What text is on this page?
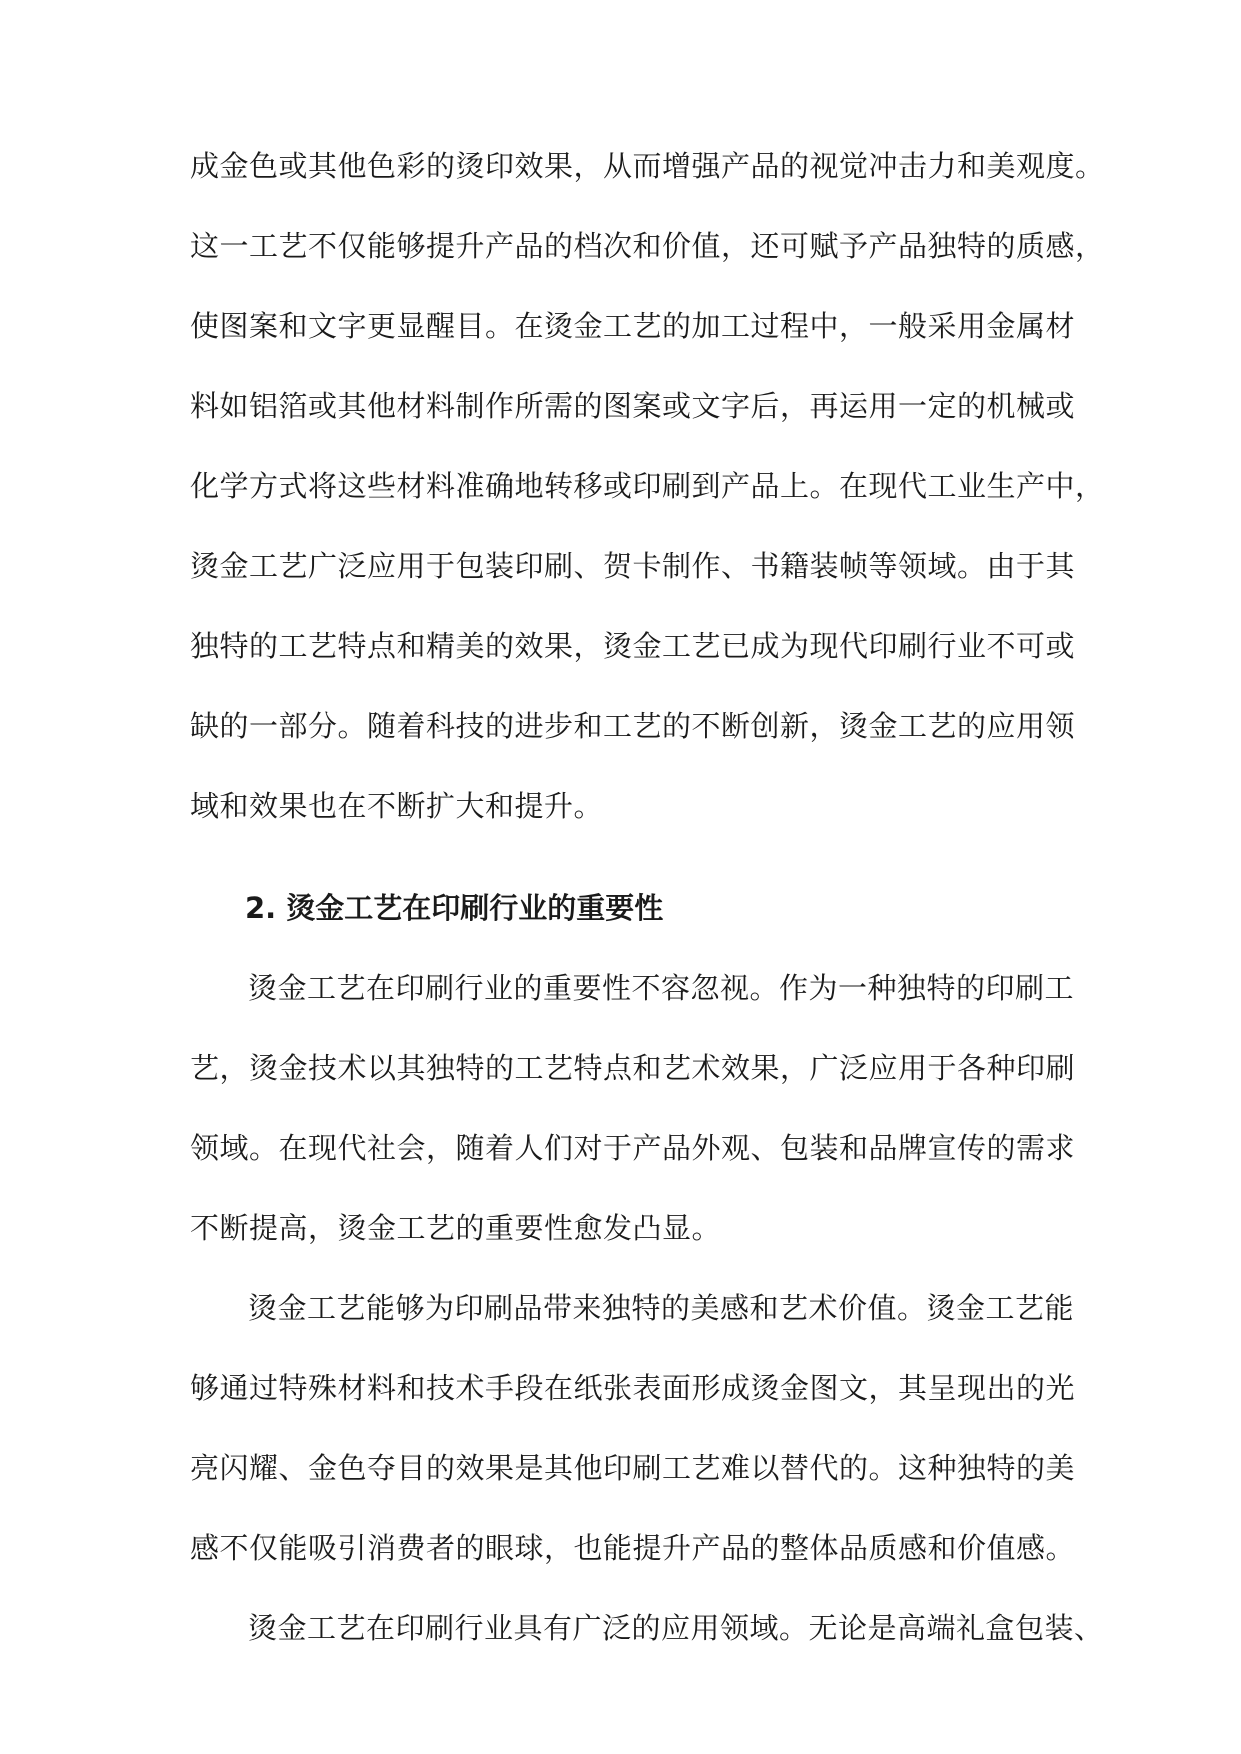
成金色或其他色彩的烫印效果，从而增强产品的视觉冲击力和美观度。
这一工艺不仅能够提升产品的档次和价值，还可赋予产品独特的质感，
使图案和文字更显醒目。在烫金工艺的加工过程中，一般采用金属材
料如铝箔或其他材料制作所需的图案或文字后，再运用一定的机械或
化学方式将这些材料准确地转移或印刷到产品上。在现代工业生产中，
烫金工艺广泛应用于包装印刷、贺卡制作、书籍装帧等领域。由于其
独特的工艺特点和精美的效果，烫金工艺已成为现代印刷行业不可或
缺的一部分。随着科技的进步和工艺的不断创新，烫金工艺的应用领
域和效果也在不断扩大和提升。
2. 烫金工艺在印刷行业的重要性
烫金工艺在印刷行业的重要性不容忽视。作为一种独特的印刷工
艺，烫金技术以其独特的工艺特点和艺术效果，广泛应用于各种印刷
领域。在现代社会，随着人们对于产品外观、包装和品牌宣传的需求
不断提高，烫金工艺的重要性愈发凸显。
烫金工艺能够为印刷品带来独特的美感和艺术价值。烫金工艺能
够通过特殊材料和技术手段在纸张表面形成烫金图文，其呈现出的光
亮闪耀、金色夺目的效果是其他印刷工艺难以替代的。这种独特的美
感不仅能吸引消费者的眼球，也能提升产品的整体品质感和价值感。
烫金工艺在印刷行业具有广泛的应用领域。无论是高端礼盒包装、
